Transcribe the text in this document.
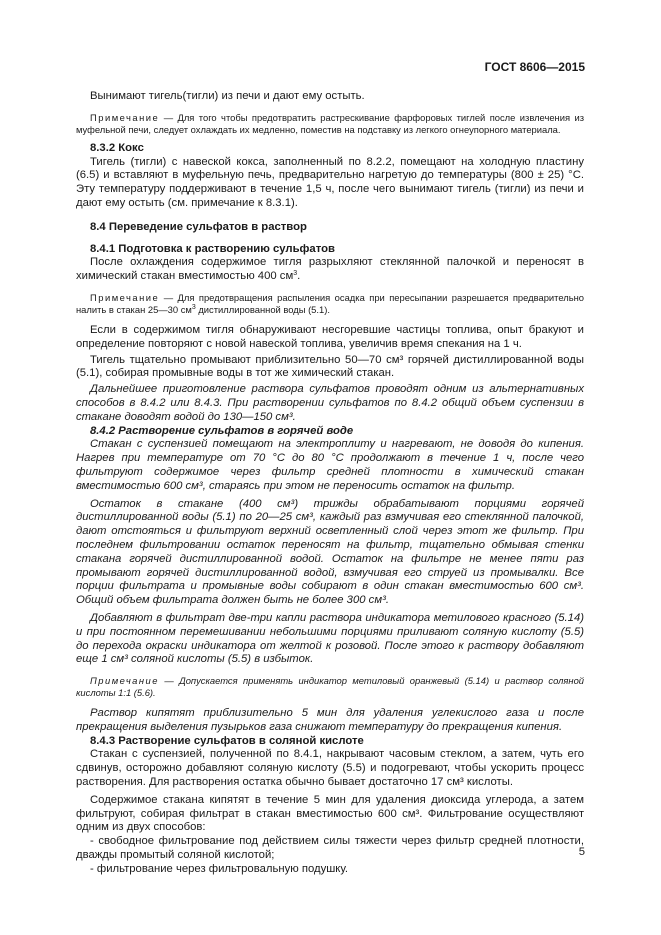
ГОСТ 8606—2015

Вынимают тигель(тигли) из печи и дают ему остыть.

Примечание — Для того чтобы предотвратить растрескивание фарфоровых тиглей после извлечения из муфельной печи, следует охлаждать их медленно, поместив на подставку из легкого огнеупорного материала.

8.3.2 Кокс

Тигель (тигли) с навеской кокса, заполненный по 8.2.2, помещают на холодную пластину (6.5) и вставляют в муфельную печь, предварительно нагретую до температуры (800 ± 25) °С. Эту температуру поддерживают в течение 1,5 ч, после чего вынимают тигель (тигли) из печи и дают ему остыть (см. примечание к 8.3.1).

8.4 Переведение сульфатов в раствор

8.4.1 Подготовка к растворению сульфатов

После охлаждения содержимое тигля разрыхляют стеклянной палочкой и переносят в химический стакан вместимостью 400 $см^3$.

Примечание — Для предотвращения распыления осадка при пересыпании разрешается предварительно налить в стакан 25—30 $см^3$ дистиллированной воды (5.1).

Если в содержимом тигля обнаруживают несгоревшие частицы топлива, опыт бракуют и определение повторяют с новой навеской топлива, увеличив время спекания на 1 ч.

Тигель тщательно промывают приблизительно 50—70 см³ горячей дистиллированной воды (5.1), собирая промывные воды в тот же химический стакан.

Дальнейшее приготовление раствора сульфатов проводят одним из альтернативных способов в 8.4.2 или 8.4.3. При растворении сульфатов по 8.4.2 общий объем суспензии в стакане доводят водой до 130—150 см³.

8.4.2 Растворение сульфатов в горячей воде

Стакан с суспензией помещают на электроплиту и нагревают, не доводя до кипения. Нагрев при температуре от 70 °С до 80 °С продолжают в течение 1 ч, после чего фильтруют содержимое через фильтр средней плотности в химический стакан вместимостью 600 см³, стараясь при этом не переносить остаток на фильтр.

Остаток в стакане (400 см³) трижды обрабатывают порциями горячей дистиллированной воды (5.1) по 20—25 см³, каждый раз взмучивая его стеклянной палочкой, дают отстояться и фильтруют верхний осветленный слой через этот же фильтр. При последнем фильтровании остаток переносят на фильтр, тщательно обмывая стенки стакана горячей дистиллированной водой. Остаток на фильтре не менее пяти раз промывают горячей дистиллированной водой, взмучивая его струей из промывалки. Все порции фильтрата и промывные воды собирают в один стакан вместимостью 600 см³. Общий объем фильтрата должен быть не более 300 см³.

Добавляют в фильтрат две-три капли раствора индикатора метилового красного (5.14) и при постоянном перемешивании небольшими порциями приливают соляную кислоту (5.5) до перехода окраски индикатора от желтой к розовой. После этого к раствору добавляют еще 1 см³ соляной кислоты (5.5) в избыток.

Примечание — Допускается применять индикатор метиловый оранжевый (5.14) и раствор соляной кислоты 1:1 (5.6).

Раствор кипятят приблизительно 5 мин для удаления углекислого газа и после прекращения выделения пузырьков газа снижают температуру до прекращения кипения.

8.4.3 Растворение сульфатов в соляной кислоте

Стакан с суспензией, полученной по 8.4.1, накрывают часовым стеклом, а затем, чуть его сдвинув, осторожно добавляют соляную кислоту (5.5) и подогревают, чтобы ускорить процесс растворения. Для растворения остатка обычно бывает достаточно 17 см³ кислоты.

Содержимое стакана кипятят в течение 5 мин для удаления диоксида углерода, а затем фильтруют, собирая фильтрат в стакан вместимостью 600 см³. Фильтрование осуществляют одним из двух способов:

- свободное фильтрование под действием силы тяжести через фильтр средней плотности, дважды промытый соляной кислотой;

- фильтрование через фильтровальную подушку.

5
